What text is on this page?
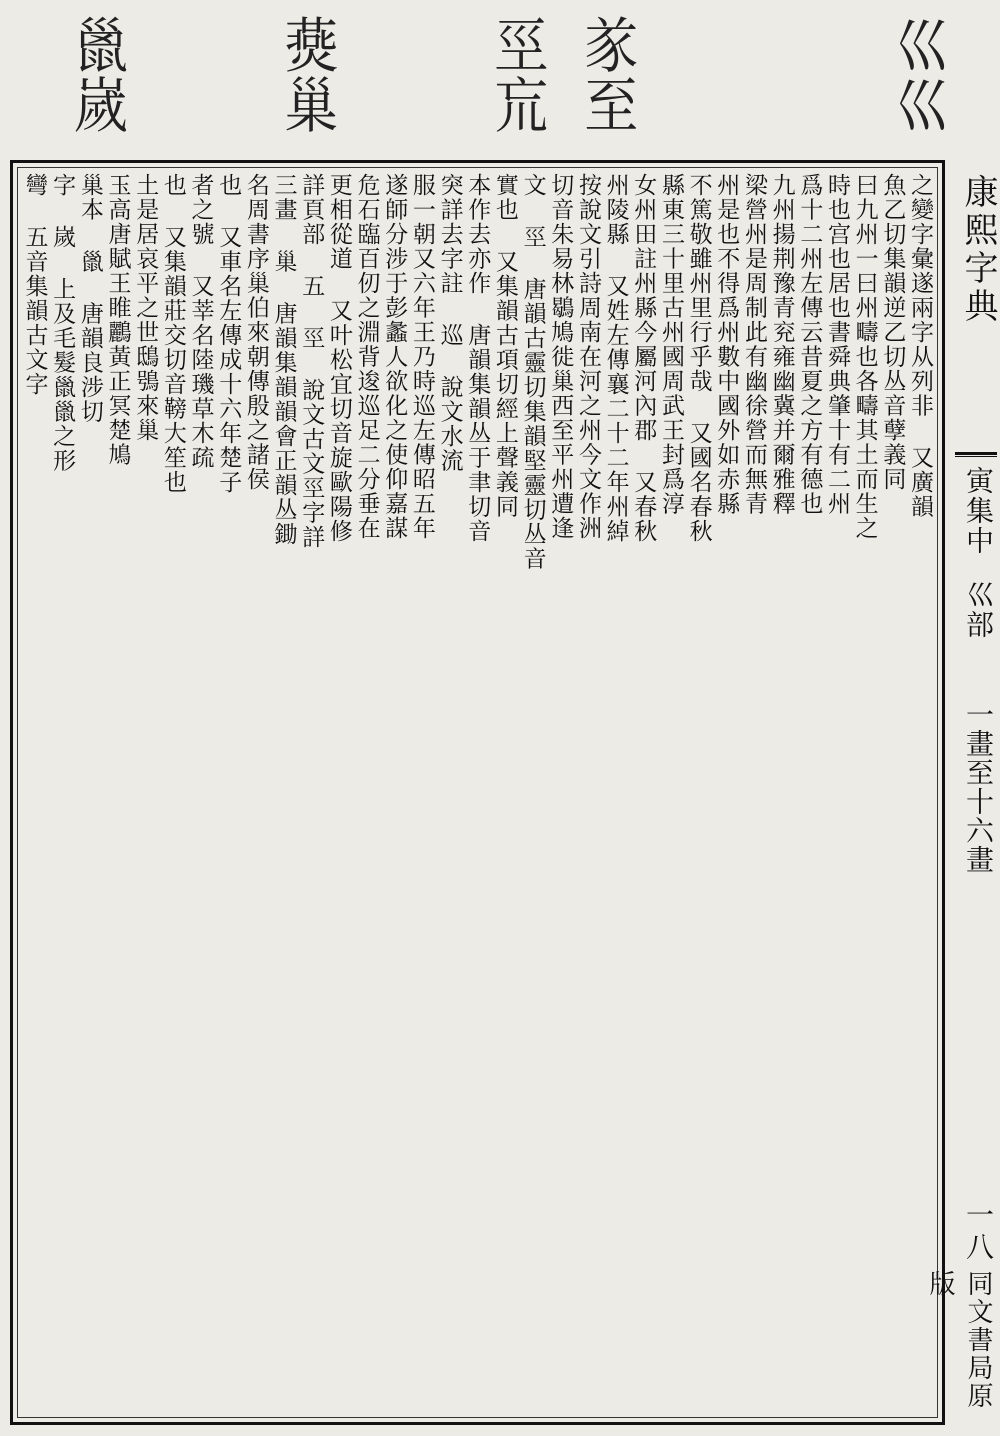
巛巛
㒸至
巠巟
㷼巢
巤嵗
之變字彙遂兩字从列非 又廣韻
魚乙切集韻逆乙切丛音孽義同
曰九州一曰州疇也各疇其土而生之
時也宫也居也書舜典肇十有二州
爲十二州左傳云昔夏之方有德也
九州揚荆豫青兖雍幽冀并爾雅釋
梁營州是周制此有幽徐營而無青
州是也不得爲州數中國外如赤縣
不篤敬雖州里行乎哉 又國名春秋
縣東三十里古州國周武王封爲淳
女州田註州縣今屬河內郡 又春秋
州陵縣 又姓左傳襄二十二年州綽
按說文引詩周南在河之州今文作洲
切音朱易林鶡鳩徙巢西至平州遭逢
文 巠 唐韻古靈切集韻堅靈切丛音
實也 又集韻古項切經上聲義同
本作去亦作 唐韻集韻丛于聿切音
突詳去字註 巡 說文水流
服一朝又六年王乃時巡左傳昭五年
遂師分涉于彭蠡人欲化之使仰嘉謀
危石臨百仞之淵背逡巡足二分垂在
更相從道 又叶松宜切音旋歐陽修
詳頁部 五 巠 說文古文巠字詳
三畫 巢 唐韻集韻韻會正韻丛鋤
名周書序巢伯來朝傳殷之諸侯
也 又車名左傳成十六年楚子
者之號 又莘名陸璣草木疏
也 又集韻莊交切音䩷大笙也
土是居哀平之世鴟鴞來巢
玉高唐賦王睢鸝黃正冥楚鳩
巢本 巤 唐韻良涉切
字 嵗 上及毛髮巤巤之形
彎 五音集韻古文字	康熙字典
寅集中
巛部
一畫至十六畫
一八
同文書局原版
